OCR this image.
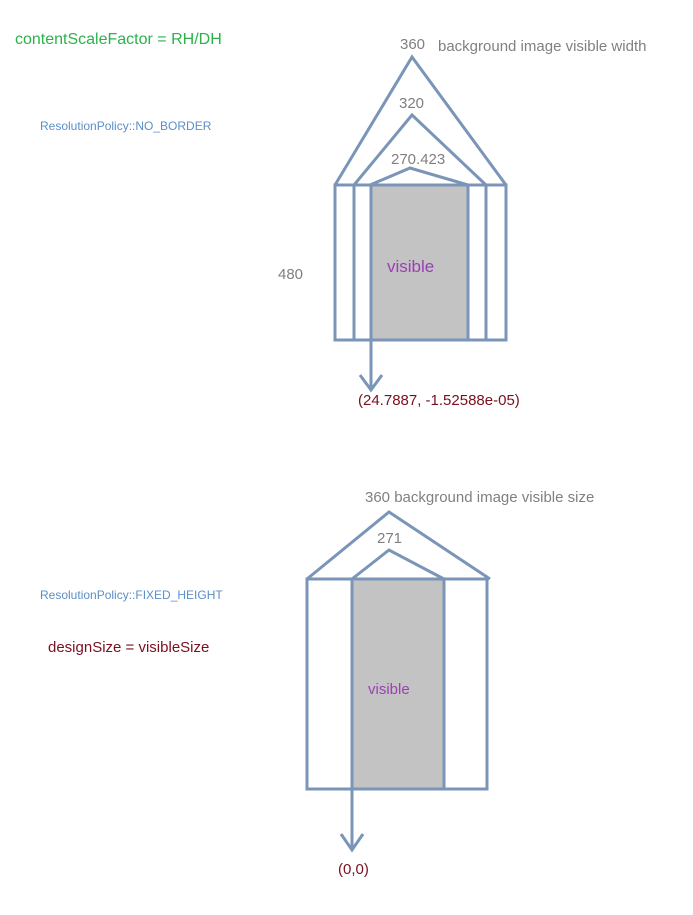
contentScaleFactor = RH/DH
ResolutionPolicy::NO_BORDER
360 background image visible width
320
270.423
480	visible
(24.7887, -1.52588e-05)
360 background image visible size
271
ResolutionPolicy::FIXED_HEIGHT
designSize = visibleSize
visible
(0,0)
